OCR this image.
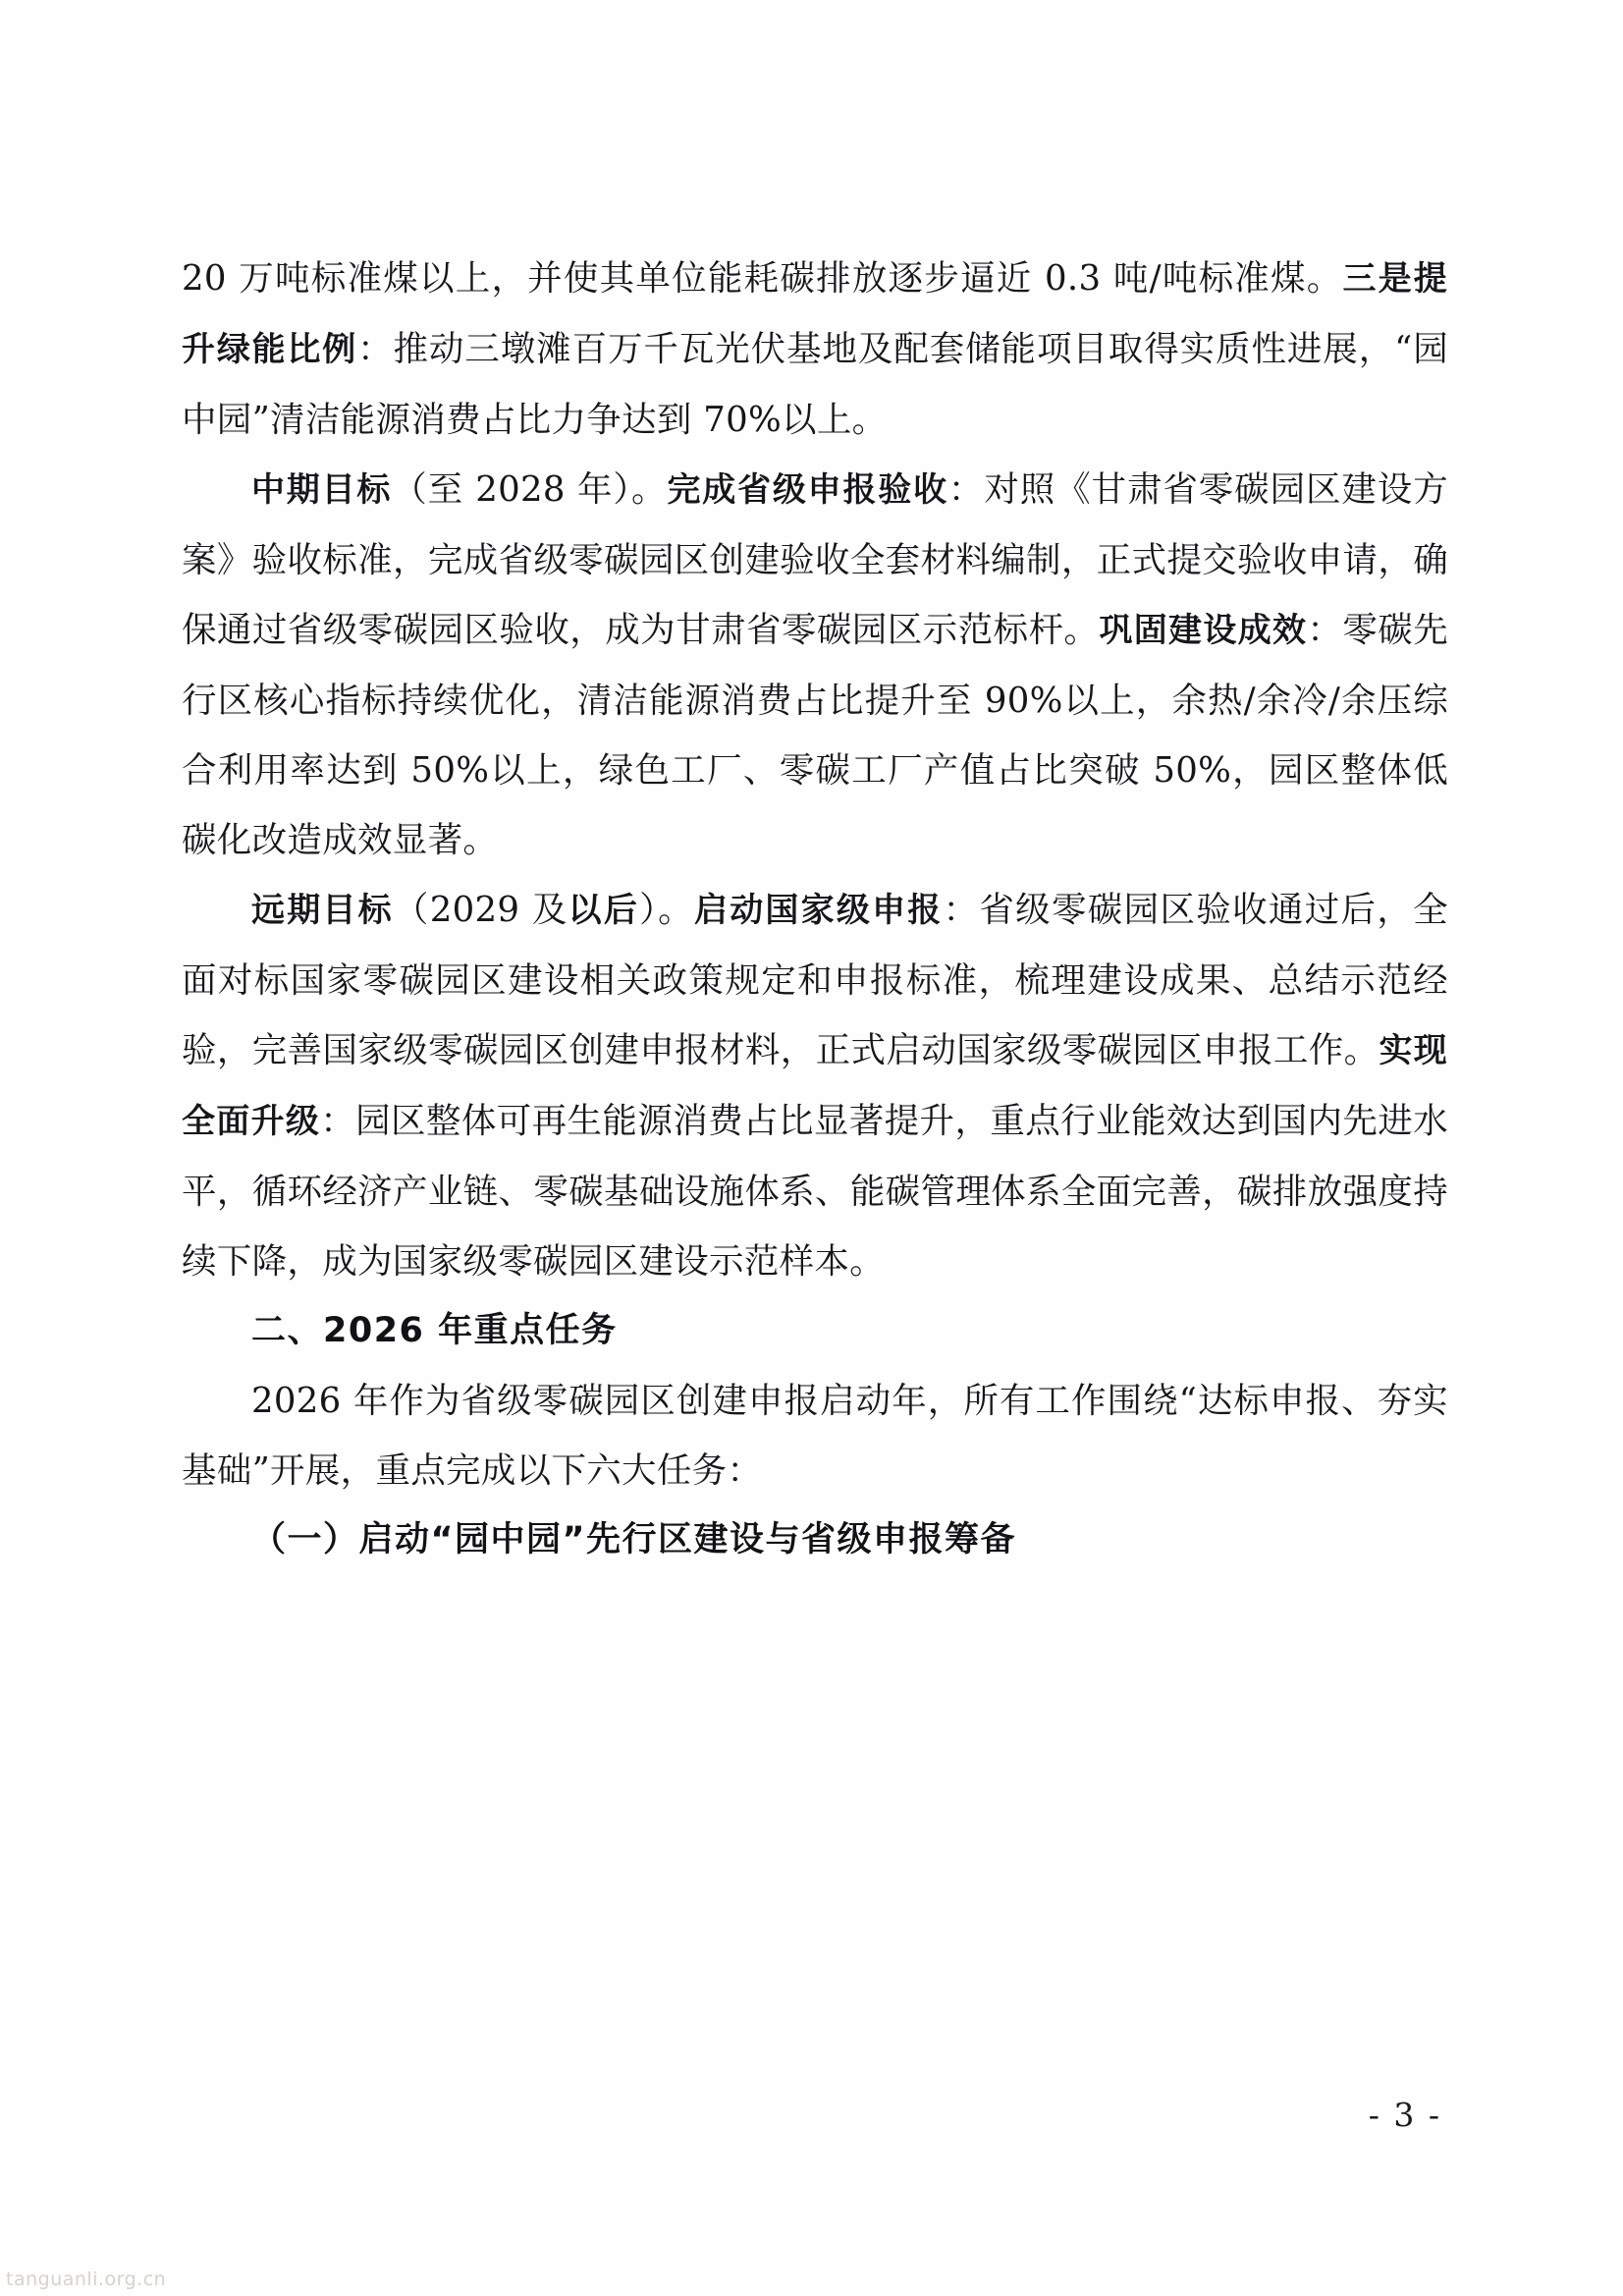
20 万吨标准煤以上，并使其单位能耗碳排放逐步逼近 0.3 吨/吨标准煤。三是提升绿能比例：推动三墩滩百万千瓦光伏基地及配套储能项目取得实质性进展，“园中园”清洁能源消费占比力争达到 70%以上。

中期目标（至 2028 年）。完成省级申报验收：对照《甘肃省零碳园区建设方案》验收标准，完成省级零碳园区创建验收全套材料编制，正式提交验收申请，确保通过省级零碳园区验收，成为甘肃省零碳园区示范标杆。巩固建设成效：零碳先行区核心指标持续优化，清洁能源消费占比提升至 90%以上，余热/余冷/余压综合利用率达到 50%以上，绿色工厂、零碳工厂产值占比突破 50%，园区整体低碳化改造成效显著。

远期目标（2029 及以后）。启动国家级申报：省级零碳园区验收通过后，全面对标国家零碳园区建设相关政策规定和申报标准，梳理建设成果、总结示范经验，完善国家级零碳园区创建申报材料，正式启动国家级零碳园区申报工作。实现全面升级：园区整体可再生能源消费占比显著提升，重点行业能效达到国内先进水平，循环经济产业链、零碳基础设施体系、能碳管理体系全面完善，碳排放强度持续下降，成为国家级零碳园区建设示范样本。

二、2026 年重点任务

2026 年作为省级零碳园区创建申报启动年，所有工作围绕“达标申报、夯实基础”开展，重点完成以下六大任务：

（一）启动“园中园”先行区建设与省级申报筹备

- 3 -
tanguanli.org.cn
